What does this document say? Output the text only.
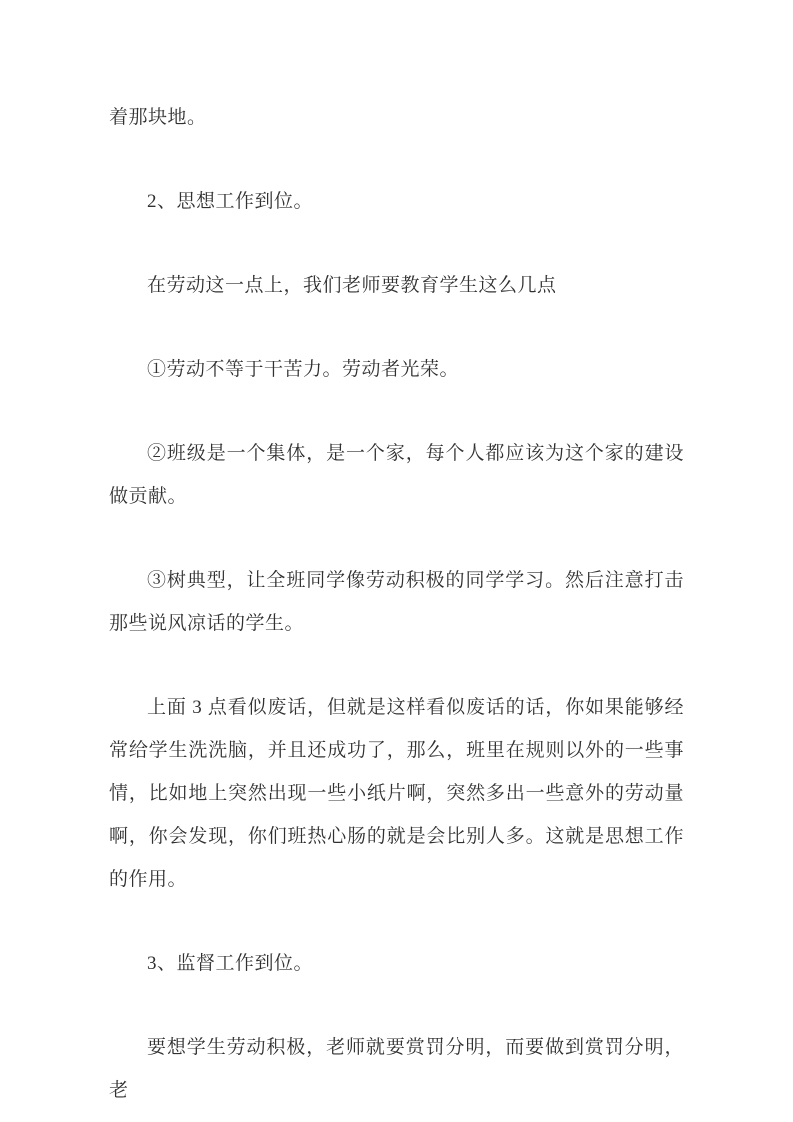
着那块地。

2、思想工作到位。

在劳动这一点上，我们老师要教育学生这么几点

①劳动不等于干苦力。劳动者光荣。

②班级是一个集体，是一个家，每个人都应该为这个家的建设做贡献。

③树典型，让全班同学像劳动积极的同学学习。然后注意打击那些说风凉话的学生。

上面 3 点看似废话，但就是这样看似废话的话，你如果能够经常给学生洗洗脑，并且还成功了，那么，班里在规则以外的一些事情，比如地上突然出现一些小纸片啊，突然多出一些意外的劳动量啊，你会发现，你们班热心肠的就是会比别人多。这就是思想工作的作用。

3、监督工作到位。

要想学生劳动积极，老师就要赏罚分明，而要做到赏罚分明，老
